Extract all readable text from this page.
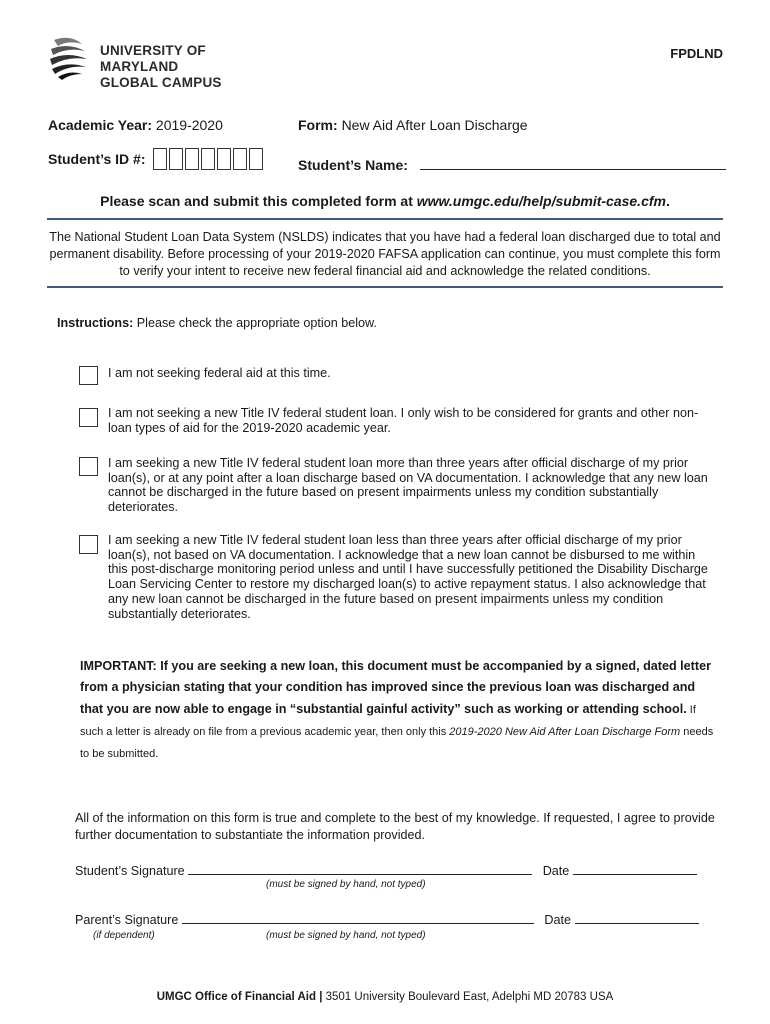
UNIVERSITY OF MARYLAND
GLOBAL CAMPUS
FPDLND
Academic Year: 2019-2020	Form: New Aid After Loan Discharge
Student’s ID #:	Student’s Name:
Please scan and submit this completed form at www.umgc.edu/help/submit-case.cfm.
The National Student Loan Data System (NSLDS) indicates that you have had a federal loan discharged due to total and permanent disability. Before processing of your 2019-2020 FAFSA application can continue, you must complete this form to verify your intent to receive new federal financial aid and acknowledge the related conditions.
Instructions: Please check the appropriate option below.
I am not seeking federal aid at this time.
I am not seeking a new Title IV federal student loan. I only wish to be considered for grants and other non-loan types of aid for the 2019-2020 academic year.
I am seeking a new Title IV federal student loan more than three years after official discharge of my prior loan(s), or at any point after a loan discharge based on VA documentation. I acknowledge that any new loan cannot be discharged in the future based on present impairments unless my condition substantially deteriorates.
I am seeking a new Title IV federal student loan less than three years after official discharge of my prior loan(s), not based on VA documentation. I acknowledge that a new loan cannot be disbursed to me within this post-discharge monitoring period unless and until I have successfully petitioned the Disability Discharge Loan Servicing Center to restore my discharged loan(s) to active repayment status. I also acknowledge that any new loan cannot be discharged in the future based on present impairments unless my condition substantially deteriorates.
IMPORTANT: If you are seeking a new loan, this document must be accompanied by a signed, dated letter from a physician stating that your condition has improved since the previous loan was discharged and that you are now able to engage in “substantial gainful activity” such as working or attending school. If such a letter is already on file from a previous academic year, then only this 2019-2020 New Aid After Loan Discharge Form needs to be submitted.
All of the information on this form is true and complete to the best of my knowledge. If requested, I agree to provide further documentation to substantiate the information provided.
Student’s Signature	Date
(must be signed by hand, not typed)
Parent’s Signature	Date
(if dependent)	(must be signed by hand, not typed)
UMGC Office of Financial Aid | 3501 University Boulevard East, Adelphi MD 20783 USA
